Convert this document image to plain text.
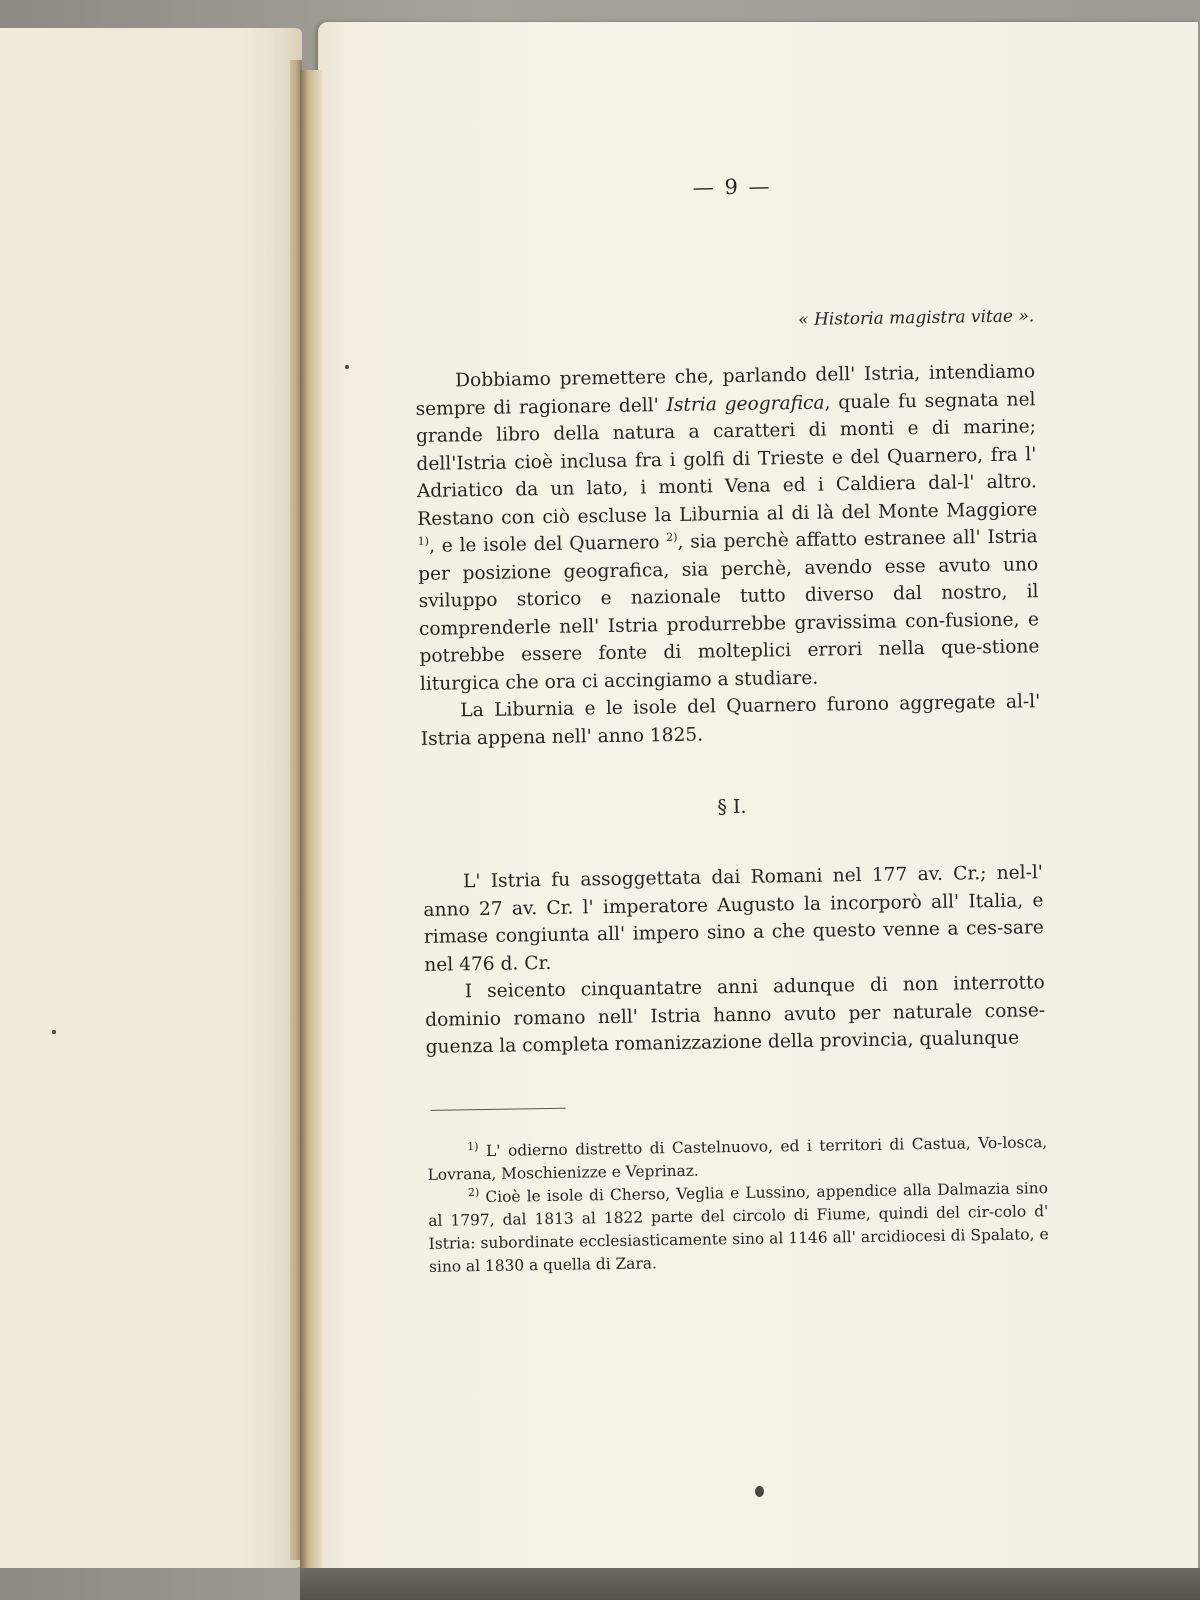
— 9 —
« Historia magistra vitae ».

Dobbiamo premettere che, parlando dell' Istria, intendiamo sempre di ragionare dell' Istria geografica, quale fu segnata nel grande libro della natura a caratteri di monti e di marine; dell'Istria cioè inclusa fra i golfi di Trieste e del Quarnero, fra l' Adriatico da un lato, i monti Vena ed i Caldiera dal-l' altro. Restano con ciò escluse la Liburnia al di là del Monte Maggiore $^{1)}$, e le isole del Quarnero $^{2)}$, sia perchè affatto estranee all' Istria per posizione geografica, sia perchè, avendo esse avuto uno sviluppo storico e nazionale tutto diverso dal nostro, il comprenderle nell' Istria produrrebbe gravissima con-fusione, e potrebbe essere fonte di molteplici errori nella que-stione liturgica che ora ci accingiamo a studiare.

La Liburnia e le isole del Quarnero furono aggregate al-l' Istria appena nell' anno 1825.

§ I.

L' Istria fu assoggettata dai Romani nel 177 av. Cr.; nel-l' anno 27 av. Cr. l' imperatore Augusto la incorporò all' Italia, e rimase congiunta all' impero sino a che questo venne a ces-sare nel 476 d. Cr.

I seicento cinquantatre anni adunque di non interrotto dominio romano nell' Istria hanno avuto per naturale conse-guenza la completa romanizzazione della provincia, qualunque

$^{1)}$ L' odierno distretto di Castelnuovo, ed i territori di Castua, Vo-losca, Lovrana, Moschienizze e Veprinaz.

$^{2)}$ Cioè le isole di Cherso, Veglia e Lussino, appendice alla Dalmazia sino al 1797, dal 1813 al 1822 parte del circolo di Fiume, quindi del cir-colo d' Istria: subordinate ecclesiasticamente sino al 1146 all' arcidiocesi di Spalato, e sino al 1830 a quella di Zara.
